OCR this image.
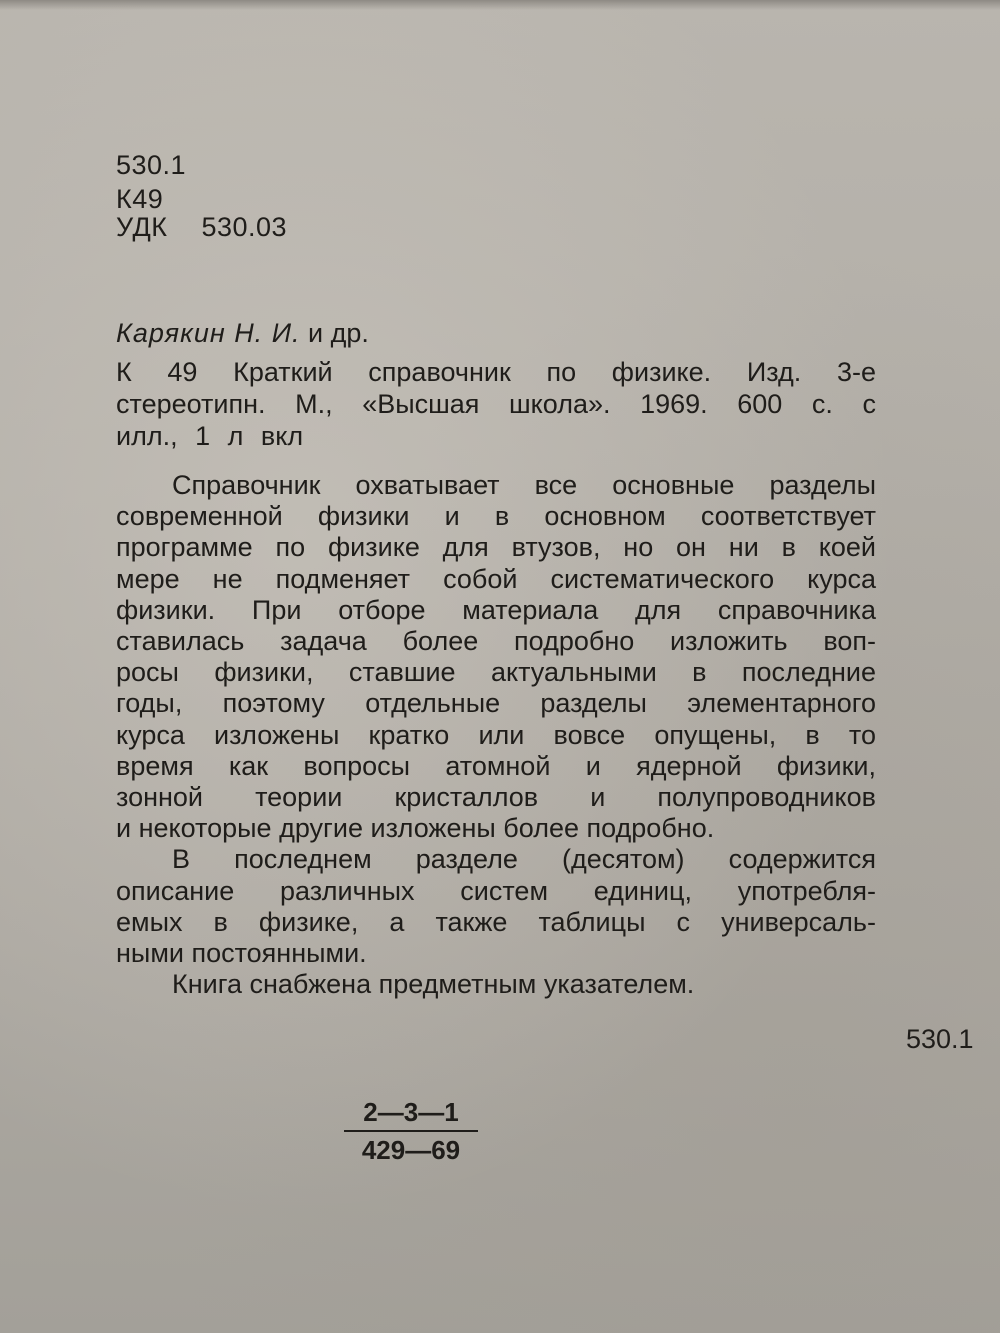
530.1
К49
УДК 530.03
Карякин Н. И. и др.
К 49 Краткий справочник по физике. Изд. 3-е
стереотипн. М., «Высшая школа». 1969. 600 с. с
илл., 1 л вкл
Справочник охватывает все основные разделы
современной физики и в основном соответствует
программе по физике для втузов, но он ни в коей
мере не подменяет собой систематического курса
физики. При отборе материала для справочника
ставилась задача более подробно изложить воп-
росы физики, ставшие актуальными в последние
годы, поэтому отдельные разделы элементарного
курса изложены кратко или вовсе опущены, в то
время как вопросы атомной и ядерной физики,
зонной теории кристаллов и полупроводников
и некоторые другие изложены более подробно.
В последнем разделе (десятом) содержится
описание различных систем единиц, употребля-
емых в физике, а также таблицы с универсаль-
ными постоянными.
Книга снабжена предметным указателем.
530.1
$\frac{2—3—1}{429—69}$
